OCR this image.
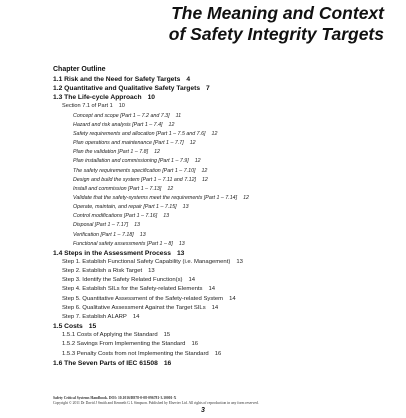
The Meaning and Context
of Safety Integrity Targets
Chapter Outline
1.1 Risk and the Need for Safety Targets 4
1.2 Quantitative and Qualitative Safety Targets 7
1.3 The Life-cycle Approach 10
Section 7.1 of Part 1 10
Concept and scope [Part 1 – 7.2 and 7.3] 11
Hazard and risk analysis [Part 1 – 7.4] 12
Safety requirements and allocation [Part 1 – 7.5 and 7.6] 12
Plan operations and maintenance [Part 1 – 7.7] 12
Plan the validation [Part 1 – 7.8] 12
Plan installation and commissioning [Part 1 – 7.9] 12
The safety requirements specification [Part 1 – 7.10] 12
Design and build the system [Part 1 – 7.11 and 7.12] 12
Install and commission [Part 1 – 7.13] 12
Validate that the safety-systems meet the requirements [Part 1 – 7.14] 12
Operate, maintain, and repair [Part 1 – 7.15] 13
Control modifications [Part 1 – 7.16] 13
Disposal [Part 1 – 7.17] 13
Verification [Part 1 – 7.18] 13
Functional safety assessments [Part 1 – 8] 13
1.4 Steps in the Assessment Process 13
Step 1. Establish Functional Safety Capability (i.e. Management) 13
Step 2. Establish a Risk Target 13
Step 3. Identify the Safety Related Function(s) 14
Step 4. Establish SILs for the Safety-related Elements 14
Step 5. Quantitative Assessment of the Safety-related System 14
Step 6. Qualitative Assessment Against the Target SILs 14
Step 7. Establish ALARP 14
1.5 Costs 15
1.5.1 Costs of Applying the Standard 15
1.5.2 Savings From Implementing the Standard 16
1.5.3 Penalty Costs from not Implementing the Standard 16
1.6 The Seven Parts of IEC 61508 16
Safety Critical Systems Handbook. DOI: 10.1016/B978-0-08-096781-3.10001-X
Copyright © 2011 Dr David J Smith and Kenneth G L Simpson. Published by Elsevier Ltd. All rights of reproduction in any form reserved.
3
